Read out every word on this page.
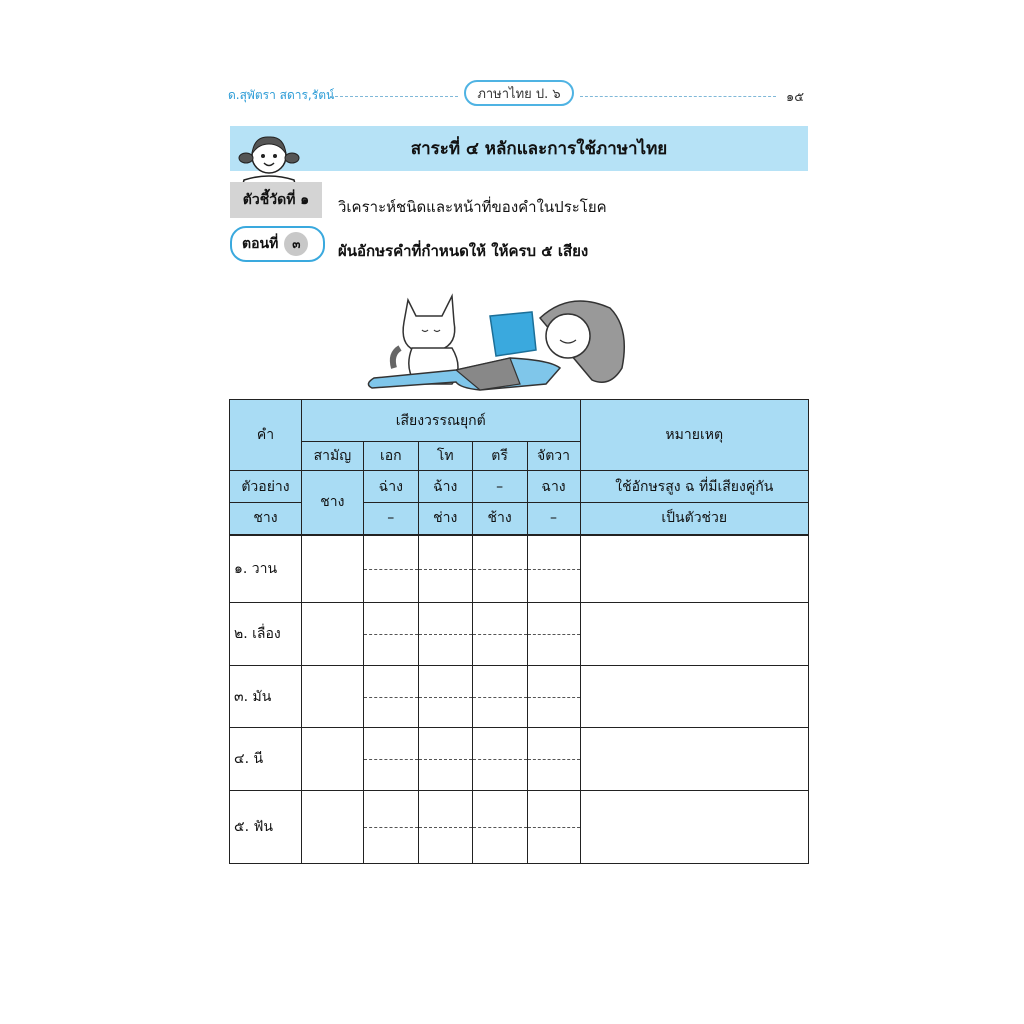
ด.สุพัตรา สดาร,รัตน์	ภาษาไทย ป. ๖	๑๕
สาระที่ ๔ หลักและการใช้ภาษาไทย
ตัวชี้วัดที่ ๑	วิเคราะห์ชนิดและหน้าที่ของคำในประโยค
ตอนที่	๓	ผันอักษรคำที่กำหนดให้ ให้ครบ ๕ เสียง
คำ	เสียงวรรณยุกต์					หมายเหตุ
	สามัญ	เอก	โท	ตรี	จัตวา	
ตัวอย่าง	ชาง	ฉ่าง	ฉ้าง	–	ฉาง	ใช้อักษรสูง ฉ ที่มีเสียงคู่กัน
ชาง		–	ช่าง	ช้าง	–	เป็นตัวช่วย
๑. วาน		

๒. เลื่อง		

๓. มัน		

๔. นี		

๕. ฟัน		
